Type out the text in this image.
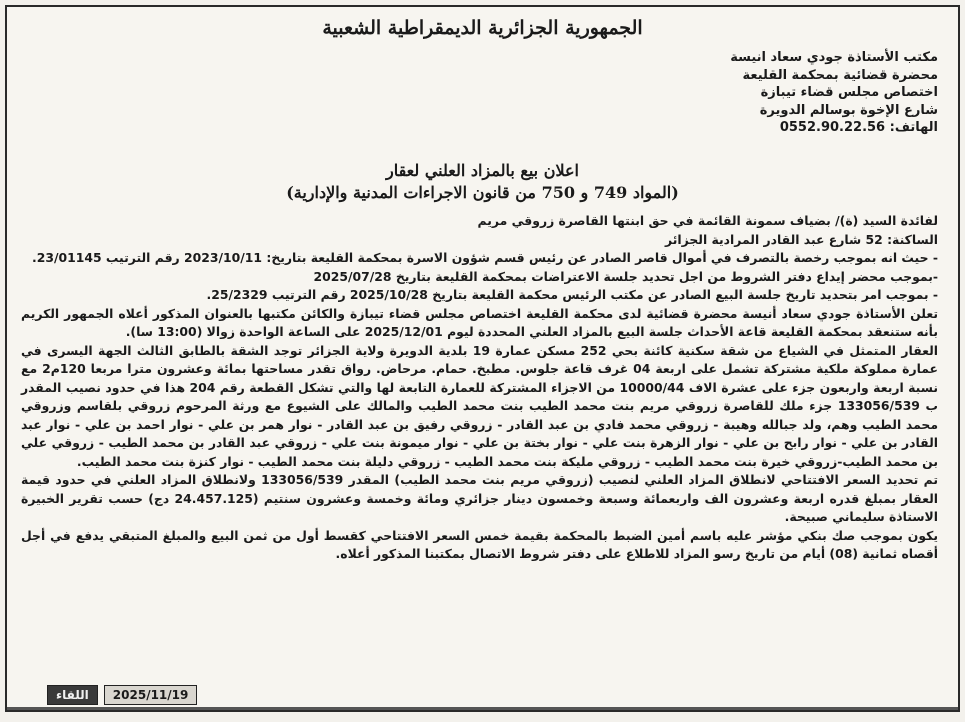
الجمهورية الجزائرية الديمقراطية الشعبية
مكتب الأستاذة جودي سعاد انيسة
محضرة قضائية بمحكمة القليعة
اختصاص مجلس قضاء تيبازة
شارع الإخوة بوسالم الدويرة
الهاتف: 0552.90.22.56
اعلان بيع بالمزاد العلني لعقار
(المواد 749 و 750 من قانون الاجراءات المدنية والإدارية)

لفائدة السيد (ة)/ بضياف سمونة القائمة في حق ابنتها القاصرة زروقي مريم

الساكنة: 52 شارع عبد القادر المرادية الجزائر

- حيث انه بموجب رخصة بالتصرف في أموال قاصر الصادر عن رئيس قسم شؤون الاسرة بمحكمة القليعة بتاريخ: 2023/10/11 رقم الترتيب 23/01145.

-بموجب محضر إيداع دفتر الشروط من اجل تحديد جلسة الاعتراضات بمحكمة القليعة بتاريخ 2025/07/28

- بموجب امر بتحديد تاريخ جلسة البيع الصادر عن مكتب الرئيس محكمة القليعة بتاريخ 2025/10/28 رقم الترتيب 25/2329.

تعلن الأستاذة جودي سعاد أنيسة محضرة قضائية لدى محكمة القليعة اختصاص مجلس قضاء تيبازة والكائن مكتبها بالعنوان المذكور أعلاه الجمهور الكريم بأنه ستنعقد بمحكمة القليعة قاعة الأحداث جلسة البيع بالمزاد العلني المحددة ليوم 2025/12/01 على الساعة الواحدة زوالا (13:00 سا).

العقار المتمثل في الشياع من شقة سكنية كائنة بحي 252 مسكن عمارة 19 بلدية الدويرة ولاية الجزائر توجد الشقة بالطابق الثالث الجهة اليسرى في عمارة مملوكة ملكية مشتركة تشمل على اربعة 04 غرف قاعة جلوس. مطبخ. حمام. مرحاض. رواق تقدر مساحتها بمائة وعشرون مترا مربعا 120م2 مع نسبة اربعة واربعون جزء على عشرة الاف 10000/44 من الاجزاء المشتركة للعمارة التابعة لها والتي تشكل القطعة رقم 204 هذا في حدود نصيب المقدر ب 133056/539 جزء ملك للقاصرة زروقي مريم بنت محمد الطيب بنت محمد الطيب والمالك على الشيوع مع ورثة المرحوم زروقي بلقاسم وزروقي محمد الطيب وهم، ولد جبالله وهيبة - زروقي محمد فادي بن عبد القادر - زروقي رفيق بن عبد القادر - نوار همر بن علي - نوار احمد بن علي - نوار عبد القادر بن علي - نوار رابح بن علي - نوار الزهرة بنت علي - نوار بختة بن علي - نوار ميمونة بنت علي - زروقي عبد القادر بن محمد الطيب - زروقي علي بن محمد الطيب-زروقي خيرة بنت محمد الطيب - زروقي مليكة بنت محمد الطيب - زروقي دليلة بنت محمد الطيب - نوار كنزة بنت محمد الطيب.

تم تحديد السعر الافتتاحي لانطلاق المزاد العلني لنصيب (زروقي مريم بنت محمد الطيب) المقدر 133056/539 ولانطلاق المزاد العلني في حدود قيمة العقار بمبلغ قدره اربعة وعشرون الف واربعمائة وسبعة وخمسون دينار جزائري ومائة وخمسة وعشرون سنتيم (24.457.125 دج) حسب تقرير الخبيرة الاستاذة سليماني صبيحة.

يكون بموجب صك بنكي مؤشر عليه باسم أمين الضبط بالمحكمة بقيمة خمس السعر الافتتاحي كقسط أول من ثمن البيع والمبلغ المتبقي يدفع في أجل أقصاه ثمانية (08) أيام من تاريخ رسو المزاد للاطلاع على دفتر شروط الاتصال بمكتبنا المذكور أعلاه.

اللقاء	2025/11/19
